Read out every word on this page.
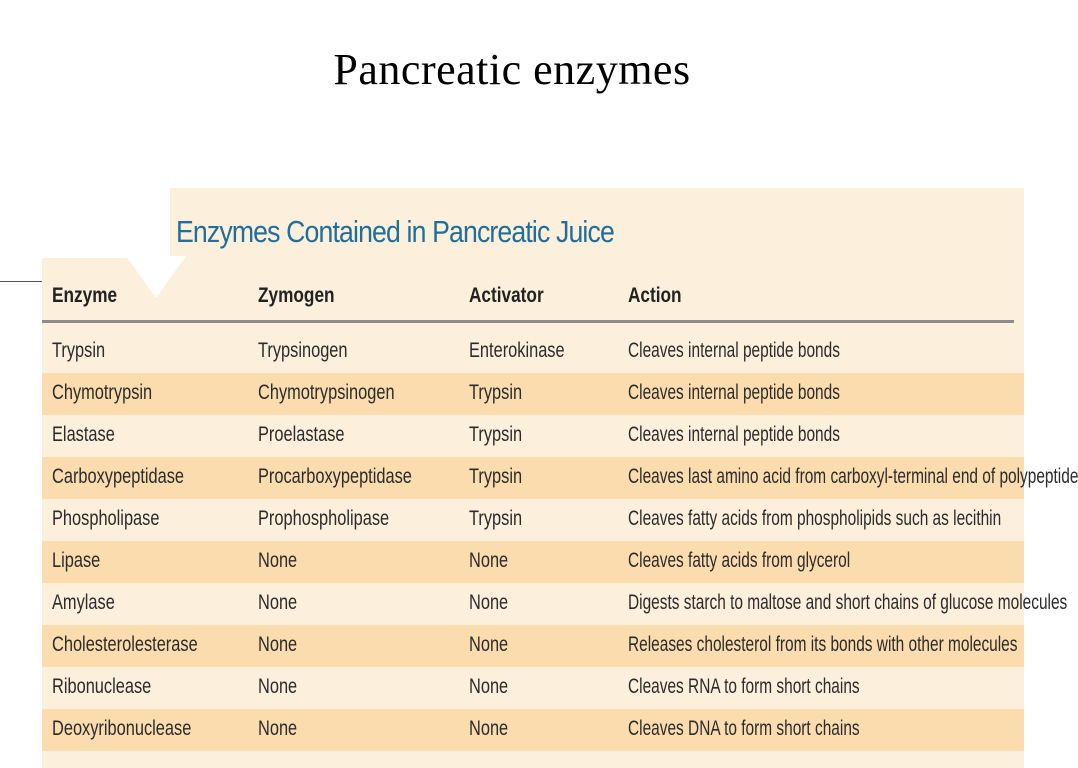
Pancreatic enzymes
Enzymes Contained in Pancreatic Juice
Enzyme	Zymogen	Activator	Action
Trypsin	Trypsinogen	Enterokinase	Cleaves internal peptide bonds
Chymotrypsin	Chymotrypsinogen	Trypsin	Cleaves internal peptide bonds
Elastase	Proelastase	Trypsin	Cleaves internal peptide bonds
Carboxypeptidase	Procarboxypeptidase	Trypsin	Cleaves last amino acid from carboxyl-terminal end of polypeptide
Phospholipase	Prophospholipase	Trypsin	Cleaves fatty acids from phospholipids such as lecithin
Lipase	None	None	Cleaves fatty acids from glycerol
Amylase	None	None	Digests starch to maltose and short chains of glucose molecules
Cholesterolesterase	None	None	Releases cholesterol from its bonds with other molecules
Ribonuclease	None	None	Cleaves RNA to form short chains
Deoxyribonuclease	None	None	Cleaves DNA to form short chains
